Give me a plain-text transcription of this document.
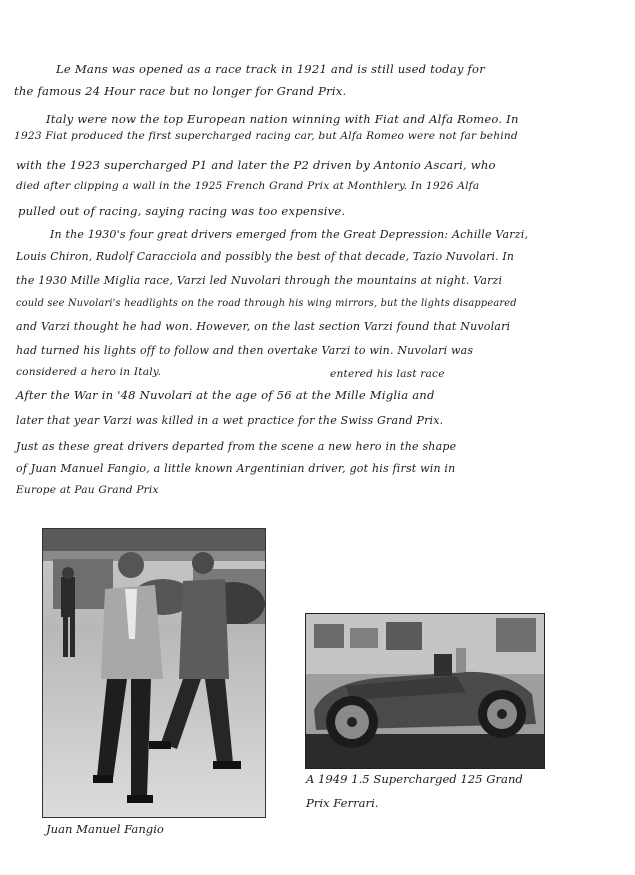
Le Mans was opened as a race track in 1921 and is still used today for
the famous 24 Hour race but no longer for Grand Prix.
Italy were now the top European nation winning with Fiat and Alfa Romeo. In
1923 Fiat produced the first supercharged racing car, but Alfa Romeo were not far behind
with the 1923 supercharged P1 and later the P2 driven by Antonio Ascari, who
died after clipping a wall in the 1925 French Grand Prix at Monthlery. In 1926 Alfa
pulled out of racing, saying racing was too expensive.
In the 1930's four great drivers emerged from the Great Depression: Achille Varzi,
Louis Chiron, Rudolf Caracciola and possibly the best of that decade, Tazio Nuvolari. In
the 1930 Mille Miglia race, Varzi led Nuvolari through the mountains at night. Varzi
could see Nuvolari's headlights on the road through his wing mirrors, but the lights disappeared
and Varzi thought he had won. However, on the last section Varzi found that Nuvolari
had turned his lights off to follow and then overtake Varzi to win. Nuvolari was
considered a hero in Italy.	entered his last race
After the War in '48 Nuvolari at the age of 56 at the Mille Miglia and
later that year Varzi was killed in a wet practice for the Swiss Grand Prix.
Just as these great drivers departed from the scene a new hero in the shape
of Juan Manuel Fangio, a little known Argentinian driver, got his first win in
Europe at Pau Grand Prix
Juan Manuel Fangio
A 1949 1.5 Supercharged 125 Grand
Prix Ferrari.
